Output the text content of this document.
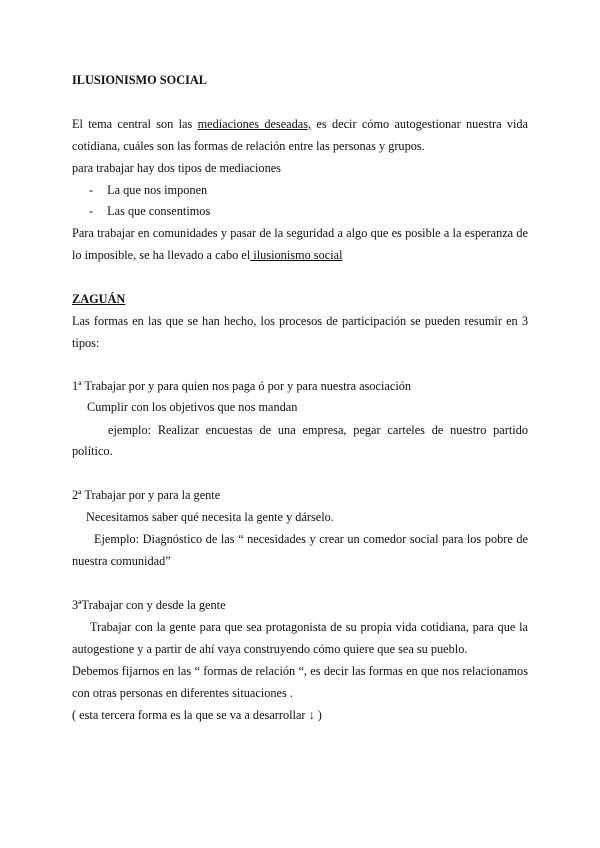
ILUSIONISMO SOCIAL
El tema central son las mediaciones deseadas, es decir cómo autogestionar nuestra vida
cotidiana, cuáles son las formas de relación entre las personas y grupos.
para trabajar hay dos tipos de mediaciones
- La que nos imponen
- Las que consentimos
Para trabajar en comunidades y pasar de la seguridad a algo que es posible a la esperanza de
lo imposible, se ha llevado a cabo el ilusionismo social
ZAGUÁN
Las formas en las que se han hecho, los procesos de participación se pueden resumir en 3
tipos:
1ª Trabajar por y para quien nos paga ó por y para nuestra asociación
Cumplir con los objetivos que nos mandan
ejemplo: Realizar encuestas de una empresa, pegar carteles de nuestro partido
político.
2ª Trabajar por y para la gente
Necesitamos saber qué necesita la gente y dárselo.
Ejemplo: Diagnóstico de las “ necesidades y crear un comedor social para los pobre de
nuestra comunidad”
3ªTrabajar con y desde la gente
Trabajar con la gente para que sea protagonista de su propia vida cotidiana, para que la
autogestione y a partir de ahí vaya construyendo cómo quiere que sea su pueblo.
Debemos fijarnos en las “ formas de relación “, es decir las formas en que nos relacionamos
con otras personas en diferentes situaciones .
( esta tercera forma es la que se va a desarrollar ↓ )
